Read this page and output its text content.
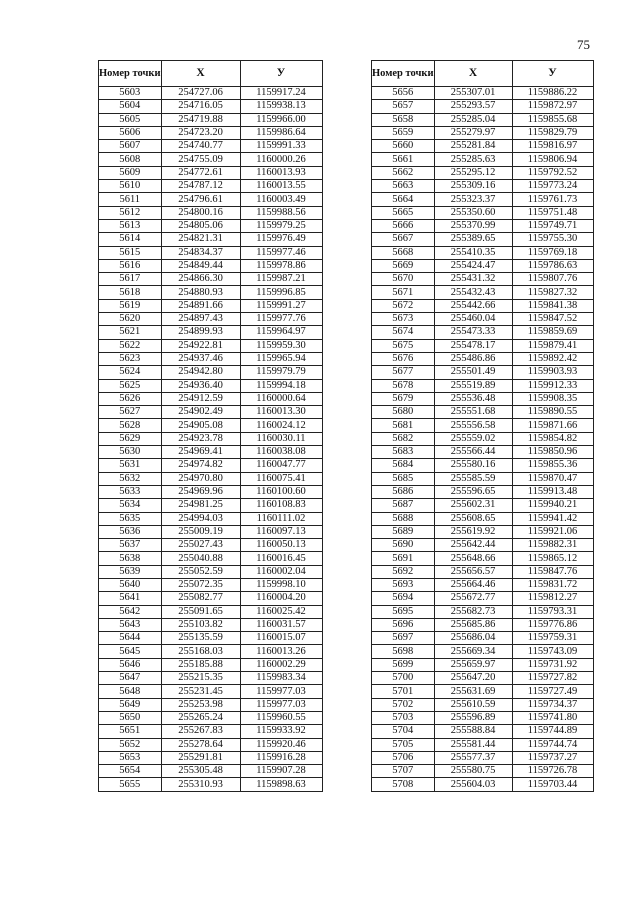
75
Номер точки	Х	У
5603	254727.06	1159917.24
5604	254716.05	1159938.13
5605	254719.88	1159966.00
5606	254723.20	1159986.64
5607	254740.77	1159991.33
5608	254755.09	1160000.26
5609	254772.61	1160013.93
5610	254787.12	1160013.55
5611	254796.61	1160003.49
5612	254800.16	1159988.56
5613	254805.06	1159979.25
5614	254821.31	1159976.49
5615	254834.37	1159977.46
5616	254849.44	1159978.86
5617	254866.30	1159987.21
5618	254880.93	1159996.85
5619	254891.66	1159991.27
5620	254897.43	1159977.76
5621	254899.93	1159964.97
5622	254922.81	1159959.30
5623	254937.46	1159965.94
5624	254942.80	1159979.79
5625	254936.40	1159994.18
5626	254912.59	1160000.64
5627	254902.49	1160013.30
5628	254905.08	1160024.12
5629	254923.78	1160030.11
5630	254969.41	1160038.08
5631	254974.82	1160047.77
5632	254970.80	1160075.41
5633	254969.96	1160100.60
5634	254981.25	1160108.83
5635	254994.03	1160111.02
5636	255009.19	1160097.13
5637	255027.43	1160050.13
5638	255040.88	1160016.45
5639	255052.59	1160002.04
5640	255072.35	1159998.10
5641	255082.77	1160004.20
5642	255091.65	1160025.42
5643	255103.82	1160031.57
5644	255135.59	1160015.07
5645	255168.03	1160013.26
5646	255185.88	1160002.29
5647	255215.35	1159983.34
5648	255231.45	1159977.03
5649	255253.98	1159977.03
5650	255265.24	1159960.55
5651	255267.83	1159933.92
5652	255278.64	1159920.46
5653	255291.81	1159916.28
5654	255305.48	1159907.28
5655	255310.93	1159898.63
Номер точки	Х	У
5656	255307.01	1159886.22
5657	255293.57	1159872.97
5658	255285.04	1159855.68
5659	255279.97	1159829.79
5660	255281.84	1159816.97
5661	255285.63	1159806.94
5662	255295.12	1159792.52
5663	255309.16	1159773.24
5664	255323.37	1159761.73
5665	255350.60	1159751.48
5666	255370.99	1159749.71
5667	255389.65	1159755.30
5668	255410.35	1159769.18
5669	255424.47	1159786.63
5670	255431.32	1159807.76
5671	255432.43	1159827.32
5672	255442.66	1159841.38
5673	255460.04	1159847.52
5674	255473.33	1159859.69
5675	255478.17	1159879.41
5676	255486.86	1159892.42
5677	255501.49	1159903.93
5678	255519.89	1159912.33
5679	255536.48	1159908.35
5680	255551.68	1159890.55
5681	255556.58	1159871.66
5682	255559.02	1159854.82
5683	255566.44	1159850.96
5684	255580.16	1159855.36
5685	255585.59	1159870.47
5686	255596.65	1159913.48
5687	255602.31	1159940.21
5688	255608.65	1159941.42
5689	255619.92	1159921.06
5690	255642.44	1159882.31
5691	255648.66	1159865.12
5692	255656.57	1159847.76
5693	255664.46	1159831.72
5694	255672.77	1159812.27
5695	255682.73	1159793.31
5696	255685.86	1159776.86
5697	255686.04	1159759.31
5698	255669.34	1159743.09
5699	255659.97	1159731.92
5700	255647.20	1159727.82
5701	255631.69	1159727.49
5702	255610.59	1159734.37
5703	255596.89	1159741.80
5704	255588.84	1159744.89
5705	255581.44	1159744.74
5706	255577.37	1159737.27
5707	255580.75	1159726.78
5708	255604.03	1159703.44
